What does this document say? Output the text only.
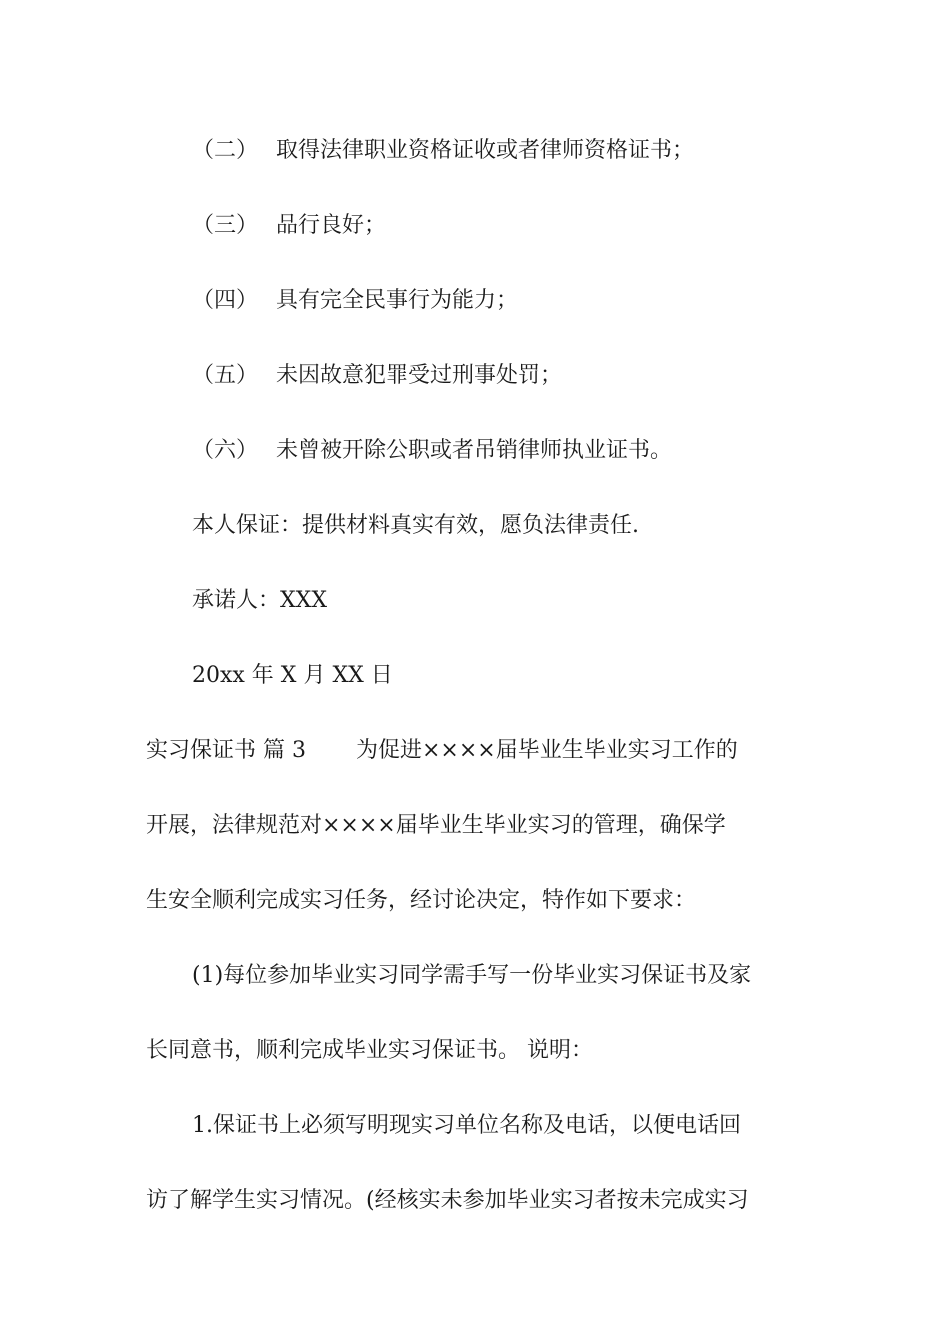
（二） 取得法律职业资格证收或者律师资格证书；
（三） 品行良好；
（四） 具有完全民事行为能力；
（五） 未因故意犯罪受过刑事处罚；
（六） 未曾被开除公职或者吊销律师执业证书。
本人保证：提供材料真实有效，愿负法律责任.
承诺人：XXX
20xx 年 X 月 XX 日
实习保证书 篇 3 为促进××××届毕业生毕业实习工作的
开展，法律规范对××××届毕业生毕业实习的管理，确保学
生安全顺利完成实习任务，经讨论决定，特作如下要求：
(1)每位参加毕业实习同学需手写一份毕业实习保证书及家
长同意书，顺利完成毕业实习保证书。 说明：
1.保证书上必须写明现实习单位名称及电话，以便电话回
访了解学生实习情况。(经核实未参加毕业实习者按未完成实习
